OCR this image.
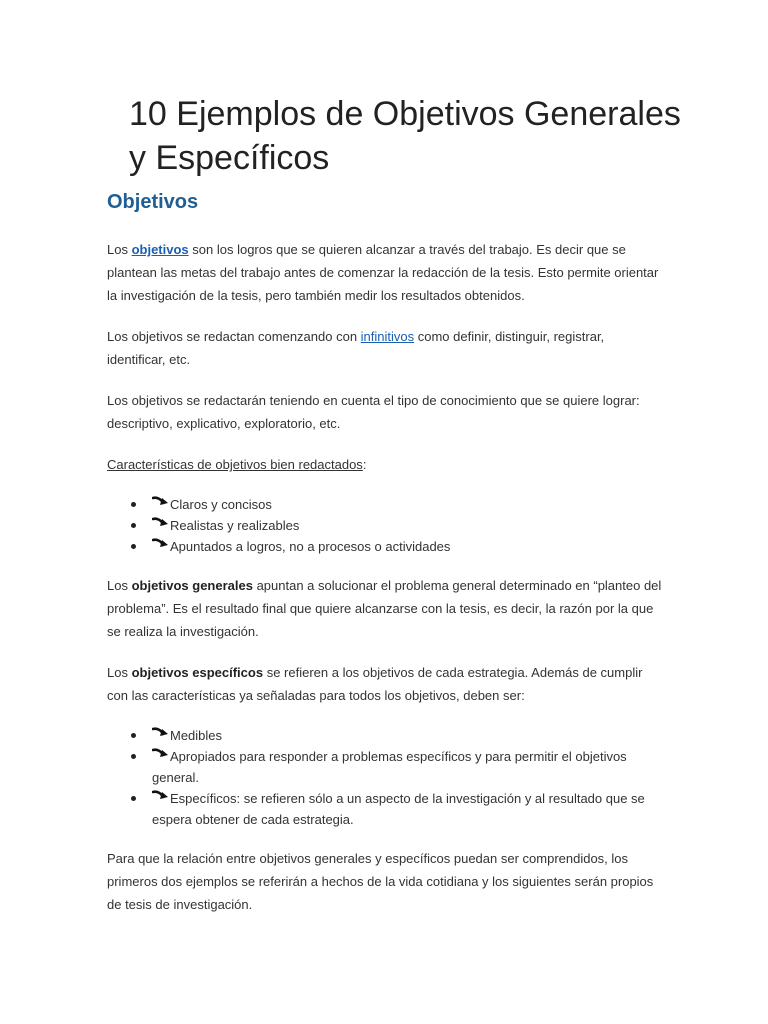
10 Ejemplos de Objetivos Generales y Específicos
Objetivos

Los objetivos son los logros que se quieren alcanzar a través del trabajo. Es decir que se plantean las metas del trabajo antes de comenzar la redacción de la tesis. Esto permite orientar la investigación de la tesis, pero también medir los resultados obtenidos.

Los objetivos se redactan comenzando con infinitivos como definir, distinguir, registrar, identificar, etc.

Los objetivos se redactarán teniendo en cuenta el tipo de conocimiento que se quiere lograr: descriptivo, explicativo, exploratorio, etc.

Características de objetivos bien redactados:

Claros y concisos
Realistas y realizables
Apuntados a logros, no a procesos o actividades

Los objetivos generales apuntan a solucionar el problema general determinado en “planteo del problema”. Es el resultado final que quiere alcanzarse con la tesis, es decir, la razón por la que se realiza la investigación.

Los objetivos específicos se refieren a los objetivos de cada estrategia. Además de cumplir con las características ya señaladas para todos los objetivos, deben ser:

Medibles
Apropiados para responder a problemas específicos y para permitir el objetivos general.
Específicos: se refieren sólo a un aspecto de la investigación y al resultado que se espera obtener de cada estrategia.

Para que la relación entre objetivos generales y específicos puedan ser comprendidos, los primeros dos ejemplos se referirán a hechos de la vida cotidiana y los siguientes serán propios de tesis de investigación.
